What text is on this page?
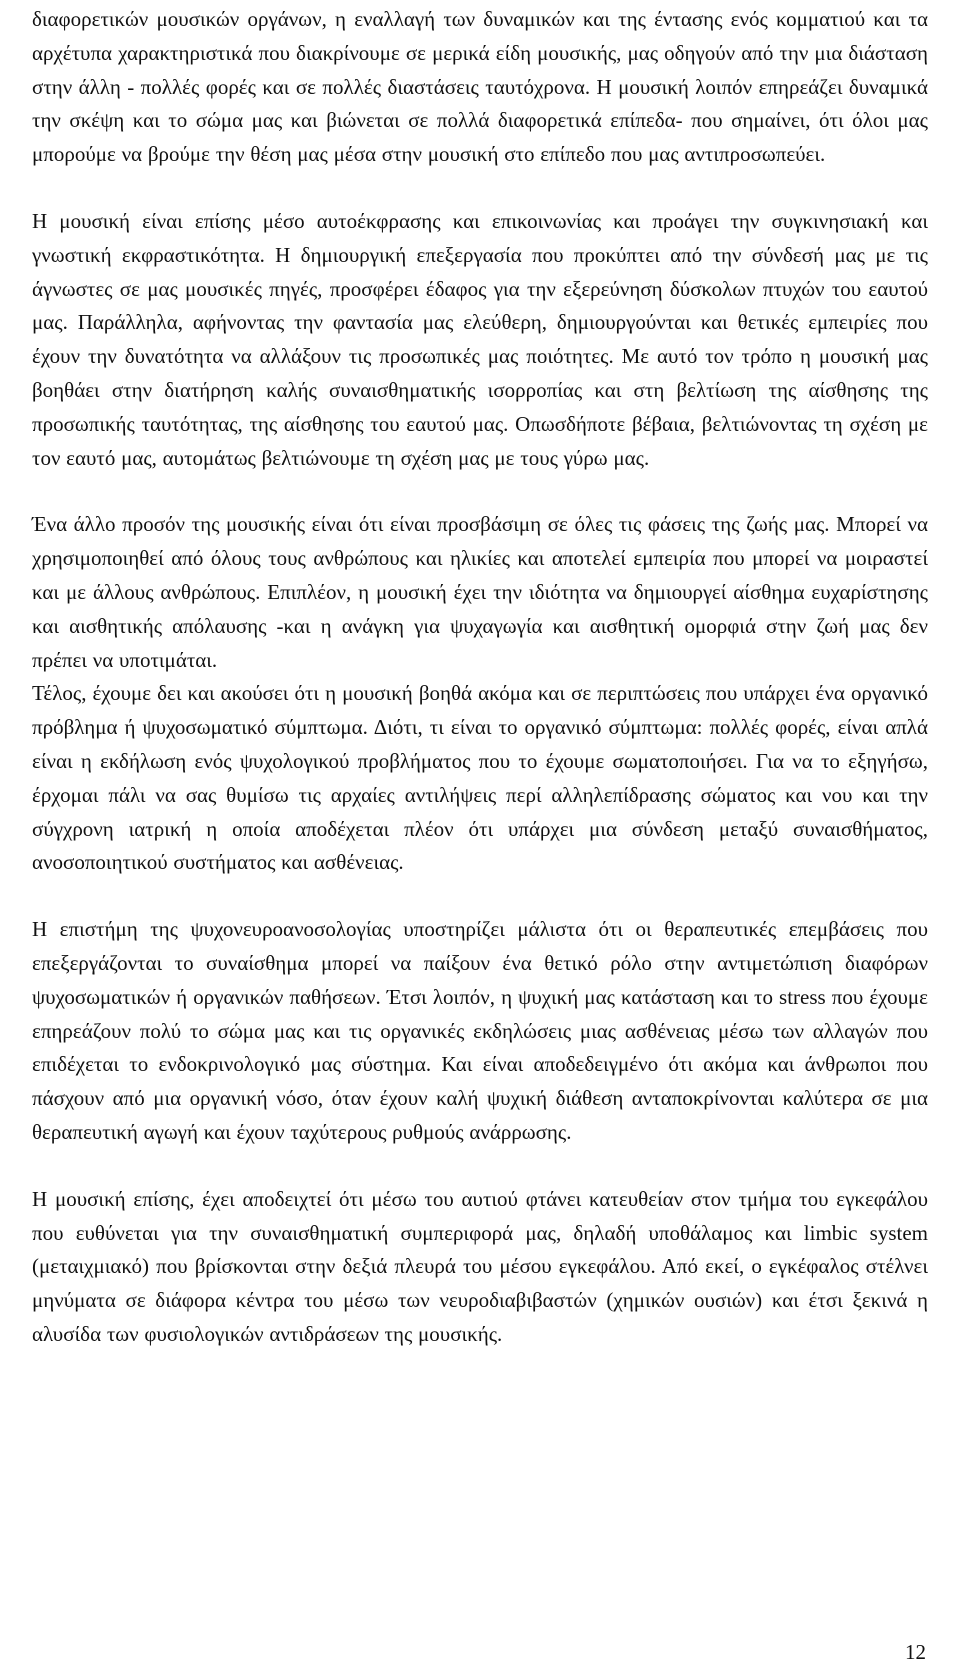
διαφορετικών μουσικών οργάνων, η εναλλαγή των δυναμικών και της έντασης ενός κομματιού και τα αρχέτυπα χαρακτηριστικά που διακρίνουμε σε μερικά είδη μουσικής, μας οδηγούν από την μια διάσταση στην άλλη - πολλές φορές και σε πολλές διαστάσεις ταυτόχρονα. Η μουσική λοιπόν επηρεάζει δυναμικά την σκέψη και το σώμα μας και βιώνεται σε πολλά διαφορετικά επίπεδα- που σημαίνει, ότι όλοι μας μπορούμε να βρούμε την θέση μας μέσα στην μουσική στο επίπεδο που μας αντιπροσωπεύει.

Η μουσική είναι επίσης μέσο αυτοέκφρασης και επικοινωνίας και προάγει την συγκινησιακή και γνωστική εκφραστικότητα. Η δημιουργική επεξεργασία που προκύπτει από την σύνδεσή μας με τις άγνωστες σε μας μουσικές πηγές, προσφέρει έδαφος για την εξερεύνηση δύσκολων πτυχών του εαυτού μας. Παράλληλα, αφήνοντας την φαντασία μας ελεύθερη, δημιουργούνται και θετικές εμπειρίες που έχουν την δυνατότητα να αλλάξουν τις προσωπικές μας ποιότητες. Με αυτό τον τρόπο η μουσική μας βοηθάει στην διατήρηση καλής συναισθηματικής ισορροπίας και στη βελτίωση της αίσθησης της προσωπικής ταυτότητας, της αίσθησης του εαυτού μας. Οπωσδήποτε βέβαια, βελτιώνοντας τη σχέση με τον εαυτό μας, αυτομάτως βελτιώνουμε τη σχέση μας με τους γύρω μας.

Ένα άλλο προσόν της μουσικής είναι ότι είναι προσβάσιμη σε όλες τις φάσεις της ζωής μας. Μπορεί να χρησιμοποιηθεί από όλους τους ανθρώπους και ηλικίες και αποτελεί εμπειρία που μπορεί να μοιραστεί και με άλλους ανθρώπους. Επιπλέον, η μουσική έχει την ιδιότητα να δημιουργεί αίσθημα ευχαρίστησης και αισθητικής απόλαυσης -και η ανάγκη για ψυχαγωγία και αισθητική ομορφιά στην ζωή μας δεν πρέπει να υποτιμάται.

Τέλος, έχουμε δει και ακούσει ότι η μουσική βοηθά ακόμα και σε περιπτώσεις που υπάρχει ένα οργανικό πρόβλημα ή ψυχοσωματικό σύμπτωμα. Διότι, τι είναι το οργανικό σύμπτωμα: πολλές φορές, είναι απλά είναι η εκδήλωση ενός ψυχολογικού προβλήματος που το έχουμε σωματοποιήσει. Για να το εξηγήσω, έρχομαι πάλι να σας θυμίσω τις αρχαίες αντιλήψεις περί αλληλεπίδρασης σώματος και νου και την σύγχρονη ιατρική η οποία αποδέχεται πλέον ότι υπάρχει μια σύνδεση μεταξύ συναισθήματος, ανοσοποιητικού συστήματος και ασθένειας.

Η επιστήμη της ψυχονευροανοσολογίας υποστηρίζει μάλιστα ότι οι θεραπευτικές επεμβάσεις που επεξεργάζονται το συναίσθημα μπορεί να παίξουν ένα θετικό ρόλο στην αντιμετώπιση διαφόρων ψυχοσωματικών ή οργανικών παθήσεων. Έτσι λοιπόν, η ψυχική μας κατάσταση και το stress που έχουμε επηρεάζουν πολύ το σώμα μας και τις οργανικές εκδηλώσεις μιας ασθένειας μέσω των αλλαγών που επιδέχεται το ενδοκρινολογικό μας σύστημα. Και είναι αποδεδειγμένο ότι ακόμα και άνθρωποι που πάσχουν από μια οργανική νόσο, όταν έχουν καλή ψυχική διάθεση ανταποκρίνονται καλύτερα σε μια θεραπευτική αγωγή και έχουν ταχύτερους ρυθμούς ανάρρωσης.

Η μουσική επίσης, έχει αποδειχτεί ότι μέσω του αυτιού φτάνει κατευθείαν στον τμήμα του εγκεφάλου που ευθύνεται για την συναισθηματική συμπεριφορά μας, δηλαδή υποθάλαμος και limbic system (μεταιχμιακό) που βρίσκονται στην δεξιά πλευρά του μέσου εγκεφάλου. Από εκεί, ο εγκέφαλος στέλνει μηνύματα σε διάφορα κέντρα του μέσω των νευροδιαβιβαστών (χημικών ουσιών) και έτσι ξεκινά η αλυσίδα των φυσιολογικών αντιδράσεων της μουσικής.

12
